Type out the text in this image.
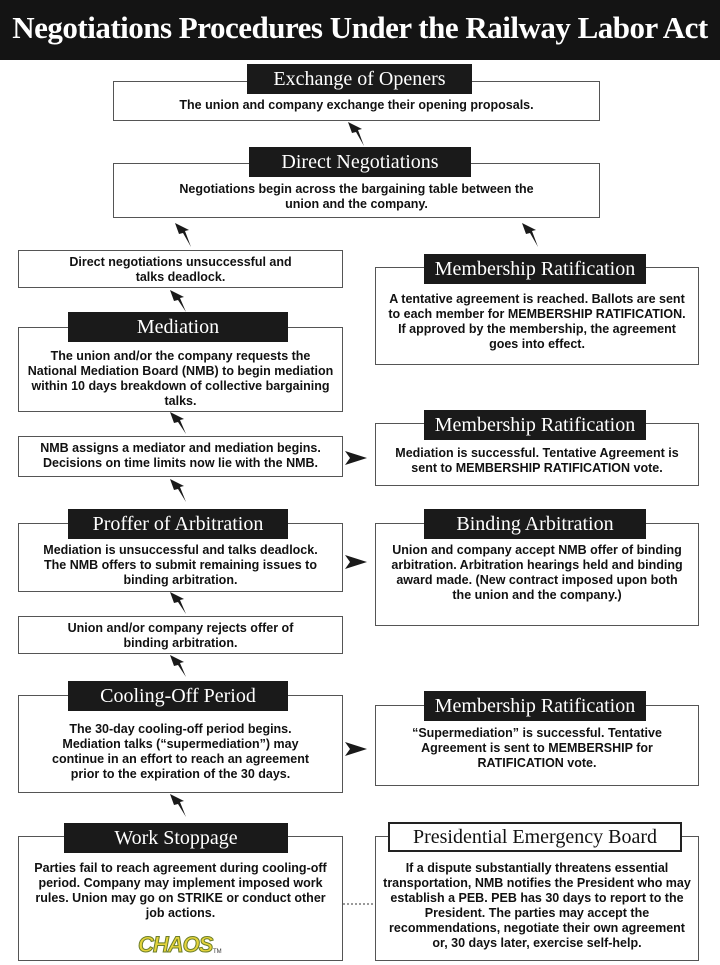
Negotiations Procedures Under the Railway Labor Act
The union and company exchange their opening proposals.
Exchange of Openers
Negotiations begin across the bargaining table between the union and the company.
Direct Negotiations
Direct negotiations unsuccessful and talks deadlock.
A tentative agreement is reached. Ballots are sent to each member for MEMBERSHIP RATIFICATION. If approved by the membership, the agreement goes into effect.
Membership Ratification
The union and/or the company requests the National Mediation Board (NMB) to begin mediation within 10 days breakdown of collective bargaining talks.
Mediation
NMB assigns a mediator and mediation begins. Decisions on time limits now lie with the NMB.
Mediation is successful. Tentative Agreement is sent to MEMBERSHIP RATIFICATION vote.
Membership Ratification
Mediation is unsuccessful and talks deadlock. The NMB offers to submit remaining issues to binding arbitration.
Proffer of Arbitration
Union and company accept NMB offer of binding arbitration. Arbitration hearings held and binding award made. (New contract imposed upon both the union and the company.)
Binding Arbitration
Union and/or company rejects offer of binding arbitration.
The 30-day cooling-off period begins. Mediation talks (“supermediation”) may continue in an effort to reach an agreement prior to the expiration of the 30 days.
Cooling-Off Period
“Supermediation” is successful. Tentative Agreement is sent to MEMBERSHIP for RATIFICATION vote.
Membership Ratification
Parties fail to reach agreement during cooling-off period. Company may implement imposed work rules. Union may go on STRIKE or conduct other job actions.
Work Stoppage
If a dispute substantially threatens essential transportation, NMB notifies the President who may establish a PEB. PEB has 30 days to report to the President. The parties may accept the recommendations, negotiate their own agreement or, 30 days later, exercise self-help.
Presidential Emergency Board
CHAOS TM
